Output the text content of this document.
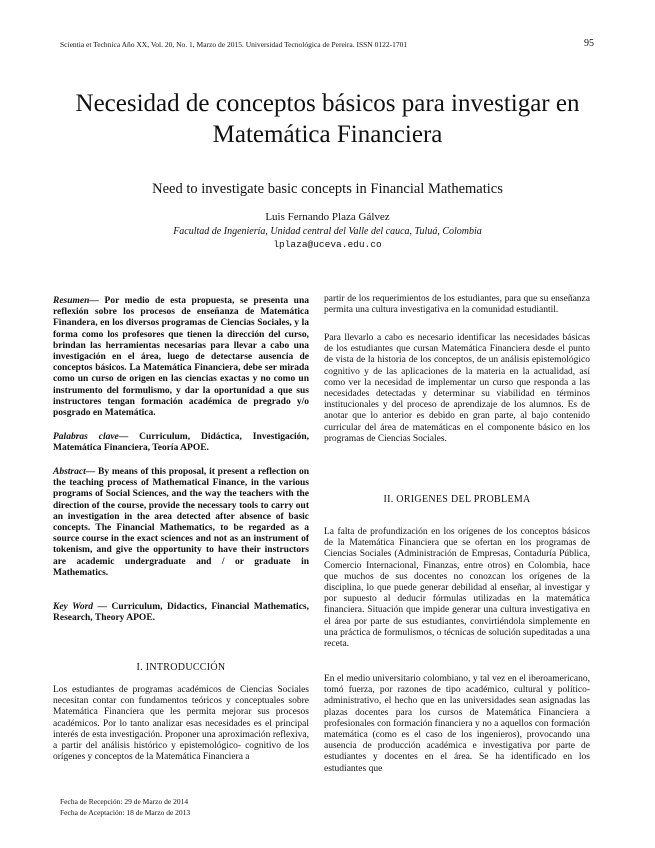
Scientia et Technica Año XX, Vol. 20, No. 1, Marzo de 2015. Universidad Tecnológica de Pereira. ISSN 0122-1701	95
Necesidad de conceptos básicos para investigar en Matemática Financiera
Need to investigate basic concepts in Financial Mathematics
Luis Fernando Plaza Gálvez
Facultad de Ingeniería, Unidad central del Valle del cauca, Tuluá, Colombia
lplaza@uceva.edu.co
Resumen— Por medio de esta propuesta, se presenta una reflexión sobre los procesos de enseñanza de Matemática Finandera, en los diversos programas de Ciencias Sociales, y la forma como los profesores que tienen la dirección del curso, brindan las herramientas necesarias para llevar a cabo una investigación en el área, luego de detectarse ausencia de conceptos básicos. La Matemática Financiera, debe ser mirada como un curso de origen en las ciencias exactas y no como un instrumento del formulismo, y dar la oportunidad a que sus instructores tengan formación académica de pregrado y/o posgrado en Matemática.
Palabras clave— Curriculum, Didáctica, Investigación, Matemática Financiera, Teoría APOE.
Abstract— By means of this proposal, it present a reflection on the teaching process of Mathematical Finance, in the various programs of Social Sciences, and the way the teachers with the direction of the course, provide the necessary tools to carry out an investigation in the area detected after absence of basic concepts. The Financial Mathematics, to be regarded as a source course in the exact sciences and not as an instrument of tokenism, and give the opportunity to have their instructors are academic undergraduate and / or graduate in Mathematics.
Key Word — Curriculum, Didactics, Financial Mathematics, Research, Theory APOE.
I. INTRODUCCIÓN
Los estudiantes de programas académicos de Ciencias Sociales necesitan contar con fundamentos teóricos y conceptuales sobre Matemática Financiera que les permita mejorar sus procesos académicos. Por lo tanto analizar esas necesidades es el principal interés de esta investigación. Proponer una aproximación reflexiva, a partir del análisis histórico y epistemológico- cognitivo de los orígenes y conceptos de la Matemática Financiera a
Fecha de Recepción: 29 de Marzo de 2014
Fecha de Aceptación: 18 de Marzo de 2013
partir de los requerimientos de los estudiantes, para que su enseñanza permita una cultura investigativa en la comunidad estudiantil.
Para llevarlo a cabo es necesario identificar las necesidades básicas de los estudiantes que cursan Matemática Financiera desde el punto de vista de la historia de los conceptos, de un análisis epistemológico cognitivo y de las aplicaciones de la materia en la actualidad, así como ver la necesidad de implementar un curso que responda a las necesidades detectadas y determinar su viabilidad en términos institucionales y del proceso de aprendizaje de los alumnos. Es de anotar que lo anterior es debido en gran parte, al bajo contenido curricular del área de matemáticas en el componente básico en los programas de Ciencias Sociales.
II. ORIGENES DEL PROBLEMA
La falta de profundización en los orígenes de los conceptos básicos de la Matemática Financiera que se ofertan en los programas de Ciencias Sociales (Administración de Empresas, Contaduría Pública, Comercio Internacional, Finanzas, entre otros) en Colombia, hace que muchos de sus docentes no conozcan los orígenes de la disciplina, lo que puede generar debilidad al enseñar, al investigar y por supuesto al deducir fórmulas utilizadas en la matemática financiera. Situación que impide generar una cultura investigativa en el área por parte de sus estudiantes, convirtiéndola simplemente en una práctica de formulismos, o técnicas de solución supeditadas a una receta.
En el medio universitario colombiano, y tal vez en el iberoamericano, tomó fuerza, por razones de tipo académico, cultural y político-administrativo, el hecho que en las universidades sean asignadas las plazas docentes para los cursos de Matemática Financiera a profesionales con formación financiera y no a aquellos con formación matemática (como es el caso de los ingenieros), provocando una ausencia de producción académica e investigativa por parte de estudiantes y docentes en el área. Se ha identificado en los estudiantes que
